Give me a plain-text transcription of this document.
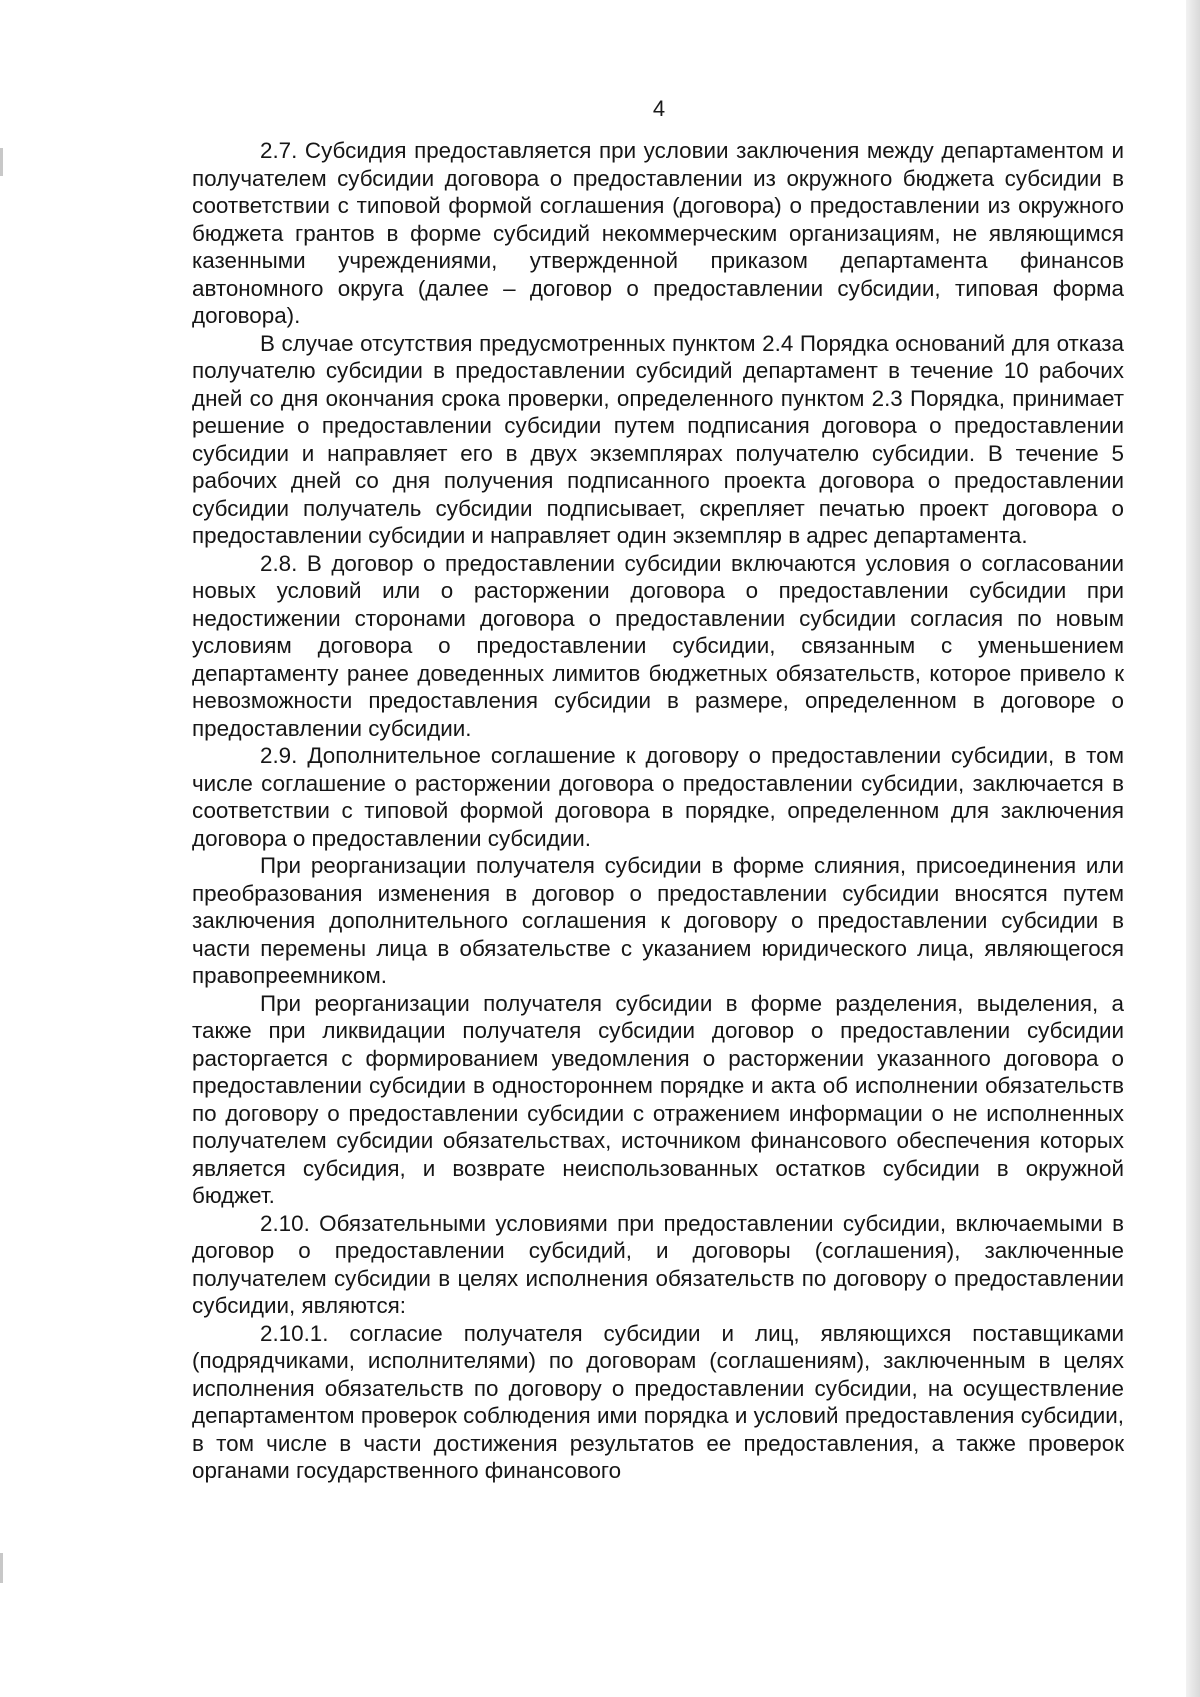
4

2.7. Субсидия предоставляется при условии заключения между департаментом и получателем субсидии договора о предоставлении из окружного бюджета субсидии в соответствии с типовой формой соглашения (договора) о предоставлении из окружного бюджета грантов в форме субсидий некоммерческим организациям, не являющимся казенными учреждениями, утвержденной приказом департамента финансов автономного округа (далее – договор о предоставлении субсидии, типовая форма договора).

В случае отсутствия предусмотренных пунктом 2.4 Порядка оснований для отказа получателю субсидии в предоставлении субсидий департамент в течение 10 рабочих дней со дня окончания срока проверки, определенного пунктом 2.3 Порядка, принимает решение о предоставлении субсидии путем подписания договора о предоставлении субсидии и направляет его в двух экземплярах получателю субсидии. В течение 5 рабочих дней со дня получения подписанного проекта договора о предоставлении субсидии получатель субсидии подписывает, скрепляет печатью проект договора о предоставлении субсидии и направляет один экземпляр в адрес департамента.

2.8. В договор о предоставлении субсидии включаются условия о согласовании новых условий или о расторжении договора о предоставлении субсидии при недостижении сторонами договора о предоставлении субсидии согласия по новым условиям договора о предоставлении субсидии, связанным с уменьшением департаменту ранее доведенных лимитов бюджетных обязательств, которое привело к невозможности предоставления субсидии в размере, определенном в договоре о предоставлении субсидии.

2.9. Дополнительное соглашение к договору о предоставлении субсидии, в том числе соглашение о расторжении договора о предоставлении субсидии, заключается в соответствии с типовой формой договора в порядке, определенном для заключения договора о предоставлении субсидии.

При реорганизации получателя субсидии в форме слияния, присоединения или преобразования изменения в договор о предоставлении субсидии вносятся путем заключения дополнительного соглашения к договору о предоставлении субсидии в части перемены лица в обязательстве с указанием юридического лица, являющегося правопреемником.

При реорганизации получателя субсидии в форме разделения, выделения, а также при ликвидации получателя субсидии договор о предоставлении субсидии расторгается с формированием уведомления о расторжении указанного договора о предоставлении субсидии в одностороннем порядке и акта об исполнении обязательств по договору о предоставлении субсидии с отражением информации о не исполненных получателем субсидии обязательствах, источником финансового обеспечения которых является субсидия, и возврате неиспользованных остатков субсидии в окружной бюджет.

2.10. Обязательными условиями при предоставлении субсидии, включаемыми в договор о предоставлении субсидий, и договоры (соглашения), заключенные получателем субсидии в целях исполнения обязательств по договору о предоставлении субсидии, являются:

2.10.1. согласие получателя субсидии и лиц, являющихся поставщиками (подрядчиками, исполнителями) по договорам (соглашениям), заключенным в целях исполнения обязательств по договору о предоставлении субсидии, на осуществление департаментом проверок соблюдения ими порядка и условий предоставления субсидии, в том числе в части достижения результатов ее предоставления, а также проверок органами государственного финансового
